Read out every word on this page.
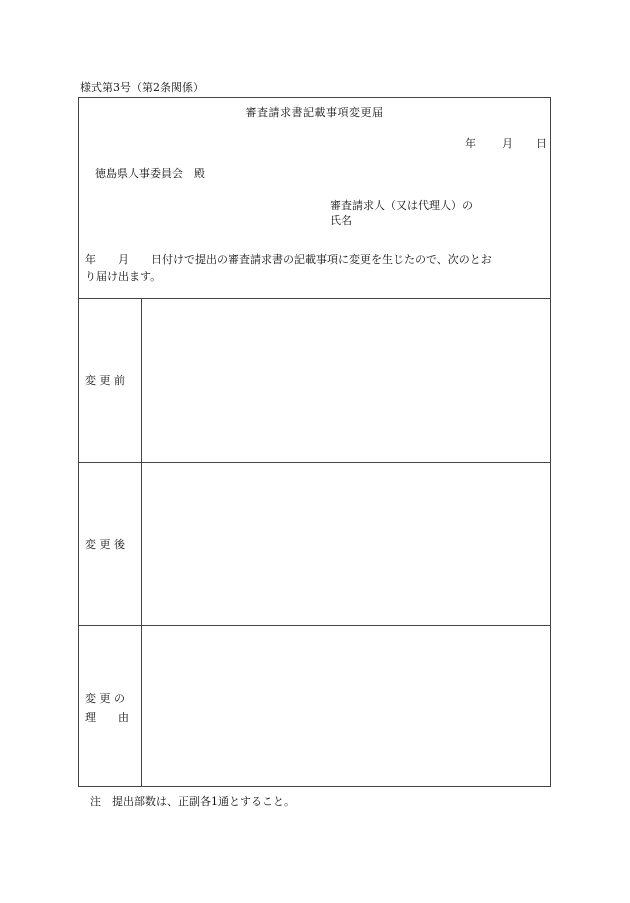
様式第3号（第2条関係）
審査請求書記載事項変更届
年 月 日
徳島県人事委員会　殿
審査請求人（又は代理人）の
氏名
年　　月　　日付けで提出の審査請求書の記載事項に変更を生じたので、次のとお
り届け出ます。
変 更 前
変 更 後
変 更 の
理　　由
注　提出部数は、正副各1通とすること。
